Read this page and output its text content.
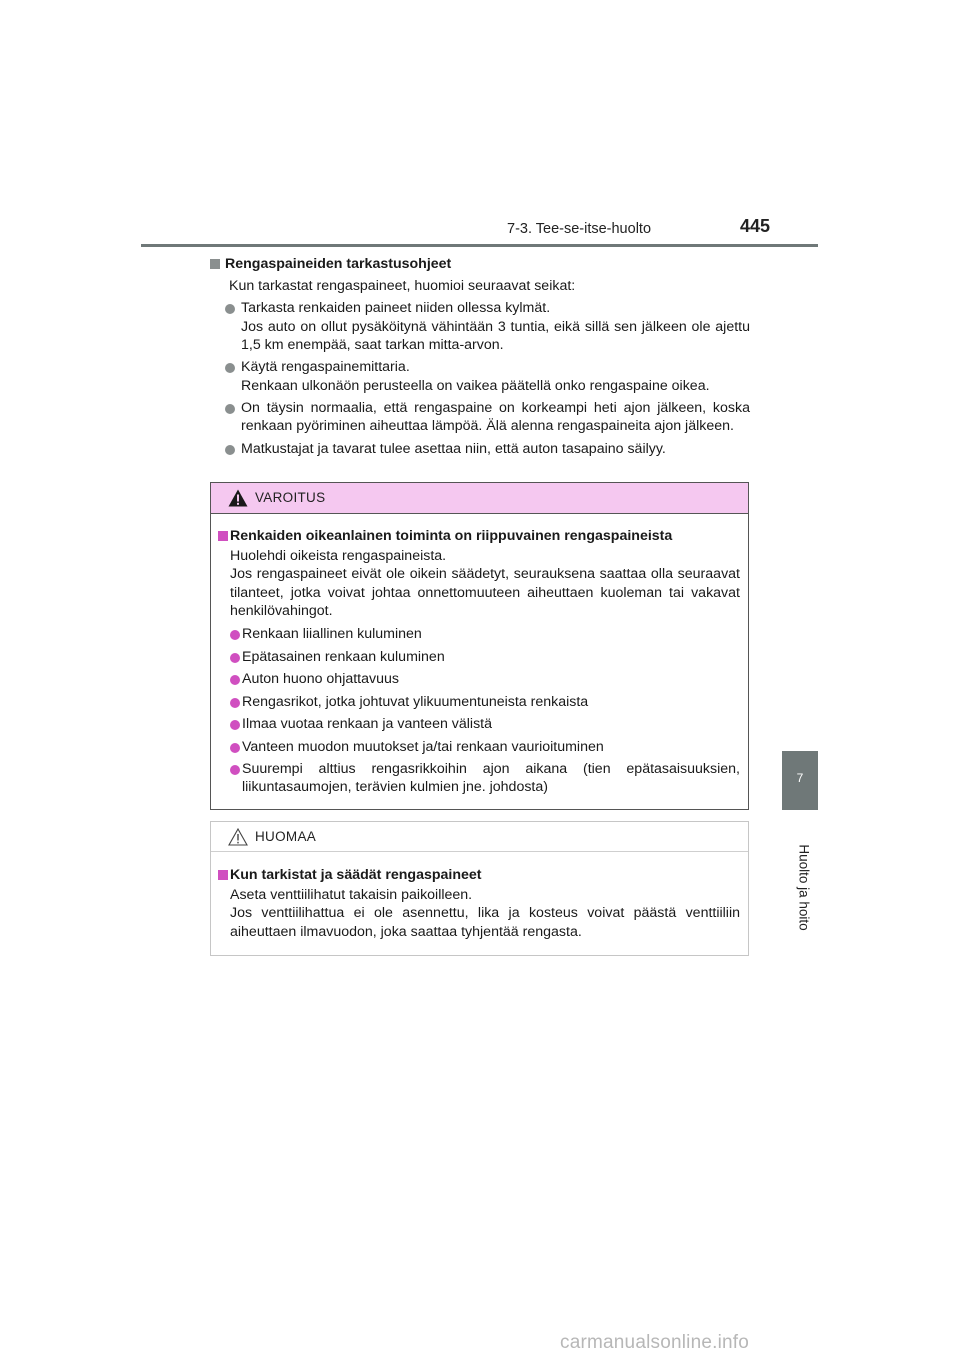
7-3. Tee-se-itse-huolto	445
7
Huolto ja hoito
Rengaspaineiden tarkastusohjeet
Kun tarkastat rengaspaineet, huomioi seuraavat seikat:
Tarkasta renkaiden paineet niiden ollessa kylmät.
Jos auto on ollut pysäköitynä vähintään 3 tuntia, eikä sillä sen jälkeen ole ajettu 1,5 km enempää, saat tarkan mitta-arvon.
Käytä rengaspainemittaria.
Renkaan ulkonäön perusteella on vaikea päätellä onko rengaspaine oikea.
On täysin normaalia, että rengaspaine on korkeampi heti ajon jälkeen, koska renkaan pyöriminen aiheuttaa lämpöä. Älä alenna rengaspaineita ajon jälkeen.
Matkustajat ja tavarat tulee asettaa niin, että auton tasapaino säilyy.
VAROITUS
Renkaiden oikeanlainen toiminta on riippuvainen rengaspaineista
Huolehdi oikeista rengaspaineista.
Jos rengaspaineet eivät ole oikein säädetyt, seurauksena saattaa olla seuraavat tilanteet, jotka voivat johtaa onnettomuuteen aiheuttaen kuoleman tai vakavat henkilövahingot.
Renkaan liiallinen kuluminen
Epätasainen renkaan kuluminen
Auton huono ohjattavuus
Rengasrikot, jotka johtuvat ylikuumentuneista renkaista
Ilmaa vuotaa renkaan ja vanteen välistä
Vanteen muodon muutokset ja/tai renkaan vaurioituminen
Suurempi alttius rengasrikkoihin ajon aikana (tien epätasaisuuksien, liikuntasaumojen, terävien kulmien jne. johdosta)
HUOMAA
Kun tarkistat ja säädät rengaspaineet
Aseta venttiilihatut takaisin paikoilleen.
Jos venttiilihattua ei ole asennettu, lika ja kosteus voivat päästä venttiiliin aiheuttaen ilmavuodon, joka saattaa tyhjentää rengasta.
carmanualsonline.info
